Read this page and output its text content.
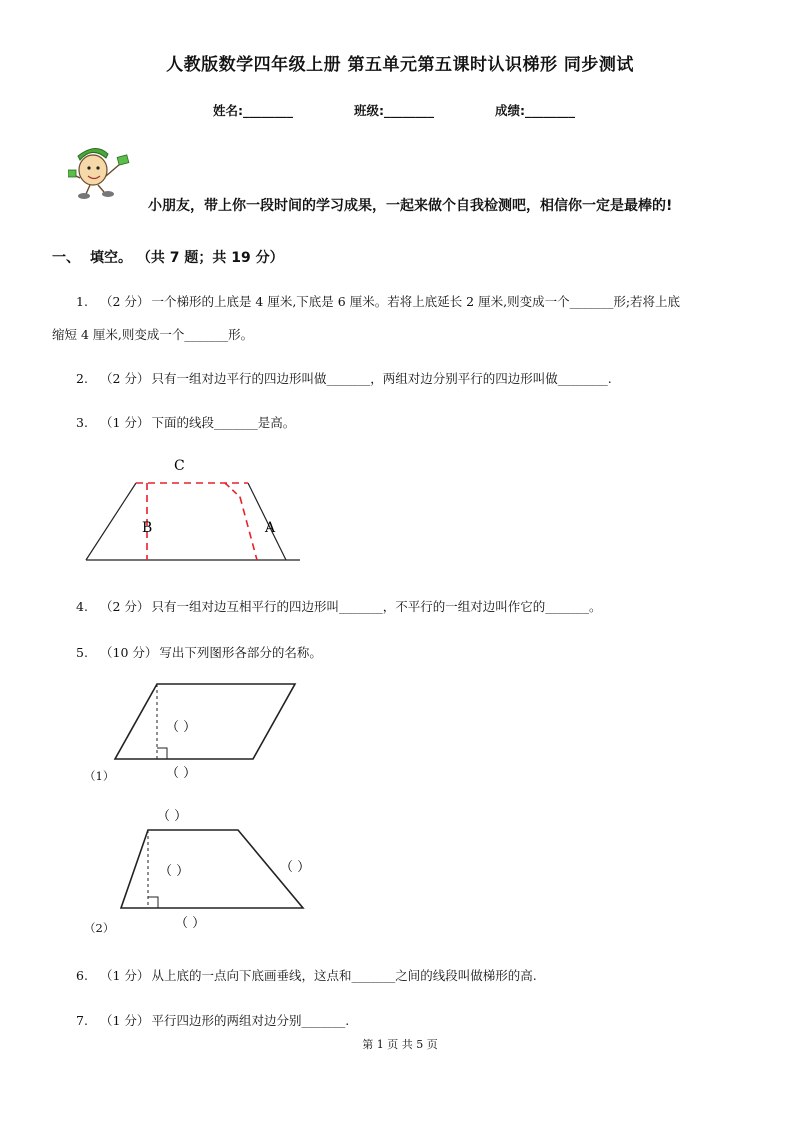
人教版数学四年级上册 第五单元第五课时认识梯形 同步测试
姓名:________	班级:________	成绩:________
小朋友，带上你一段时间的学习成果，一起来做个自我检测吧，相信你一定是最棒的!
一、 填空。 （共 7 题；共 19 分）
1. （2 分） 一个梯形的上底是 4 厘米,下底是 6 厘米。若将上底延长 2 厘米,则变成一个_______形;若将上底
缩短 4 厘米,则变成一个_______形。
2. （2 分） 只有一组对边平行的四边形叫做_______，两组对边分别平行的四边形叫做________.
3. （1 分） 下面的线段_______是高。
C
B	A
4. （2 分） 只有一组对边互相平行的四边形叫_______，不平行的一组对边叫作它的_______。
5. （10 分） 写出下列图形各部分的名称。
（ ）
（ ）
（1）
（ ）
（ ）	（ ）
（ ）
（2）
6. （1 分） 从上底的一点向下底画垂线，这点和_______之间的线段叫做梯形的高.
7. （1 分） 平行四边形的两组对边分别_______.
第 1 页 共 5 页
